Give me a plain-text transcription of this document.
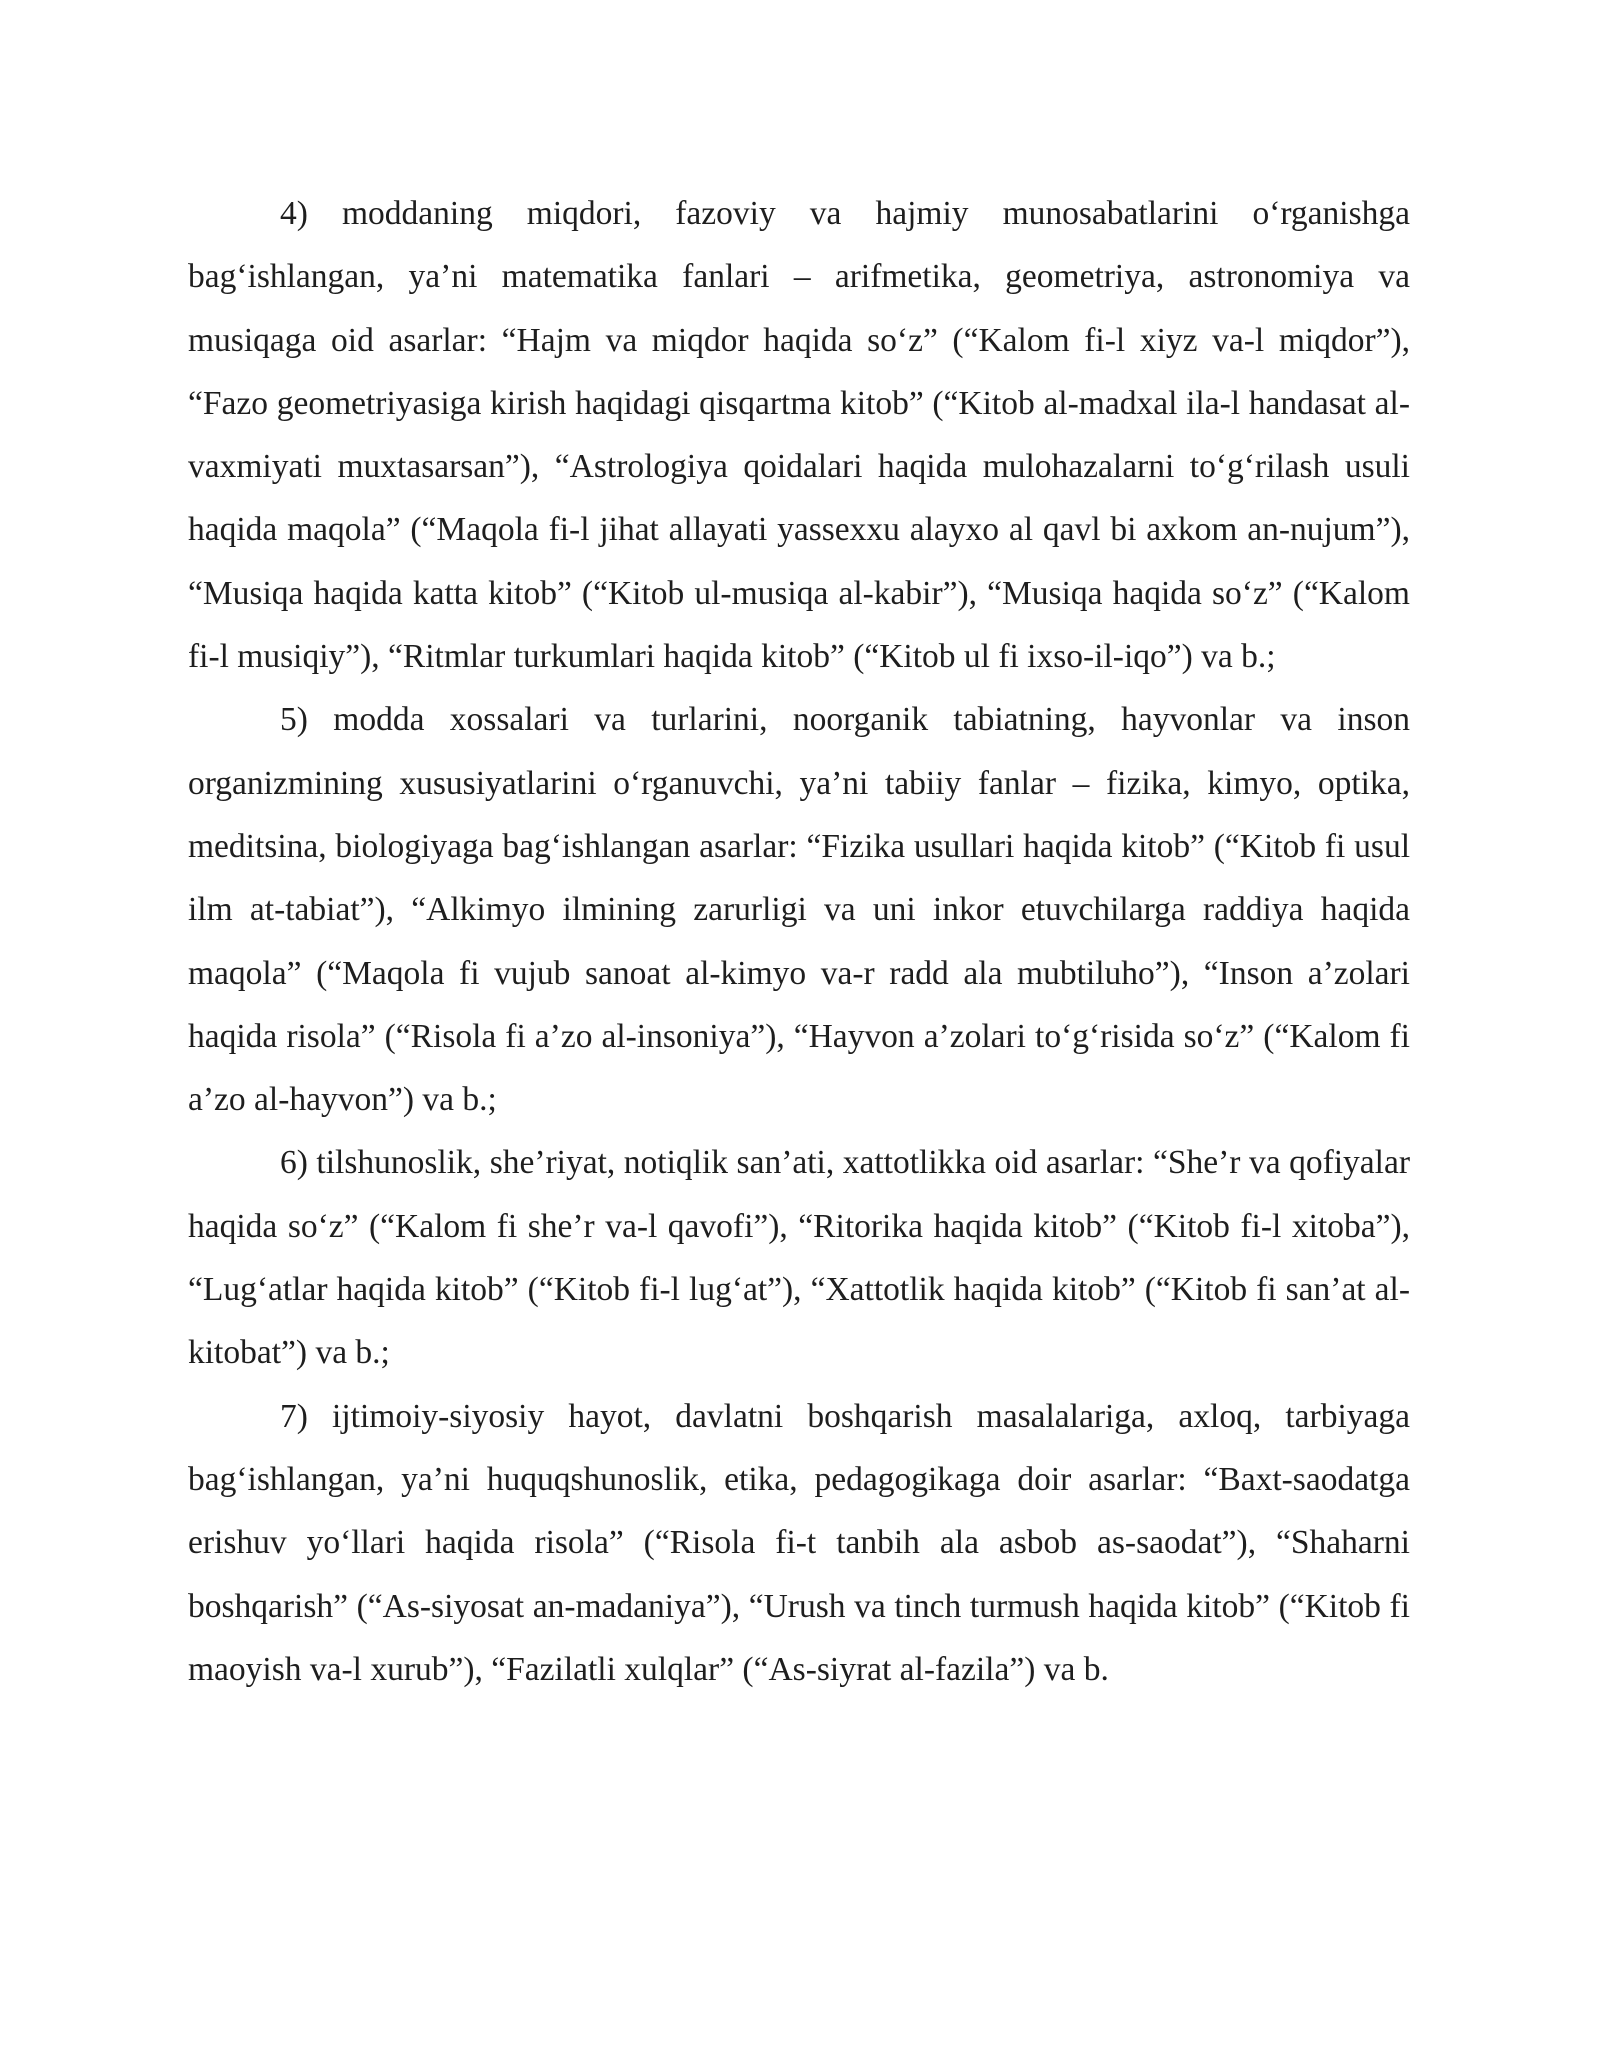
4) moddaning miqdori, fazoviy va hajmiy munosabatlarini o‘rganishga bag‘ishlangan, ya’ni matematika fanlari – arifmetika, geometriya, astronomiya va musiqaga oid asarlar: “Hajm va miqdor haqida so‘z” (“Kalom fi-l xiyz va-l miqdor”), “Fazo geometriyasiga kirish haqidagi qisqartma kitob” (“Kitob al-madxal ila-l handasat al-vaxmiyati muxtasarsan”), “Astrologiya qoidalari haqida mulohazalarni to‘g‘rilash usuli haqida maqola” (“Maqola fi-l jihat allayati yassexxu alayxo al qavl bi axkom an-nujum”), “Musiqa haqida katta kitob” (“Kitob ul-musiqa al-kabir”), “Musiqa haqida so‘z” (“Kalom fi-l musiqiy”), “Ritmlar turkumlari haqida kitob” (“Kitob ul fi ixso-il-iqo”) va b.;

5) modda xossalari va turlarini, noorganik tabiatning, hayvonlar va inson organizmining xususiyatlarini o‘rganuvchi, ya’ni tabiiy fanlar – fizika, kimyo, optika, meditsina, biologiyaga bag‘ishlangan asarlar: “Fizika usullari haqida kitob” (“Kitob fi usul ilm at-tabiat”), “Alkimyo ilmining zarurligi va uni inkor etuvchilarga raddiya haqida maqola” (“Maqola fi vujub sanoat al-kimyo va-r radd ala mubtiluho”), “Inson a’zolari haqida risola” (“Risola fi a’zo al-insoniya”), “Hayvon a’zolari to‘g‘risida so‘z” (“Kalom fi a’zo al-hayvon”) va b.;

6) tilshunoslik, she’riyat, notiqlik san’ati, xattotlikka oid asarlar: “She’r va qofiyalar haqida so‘z” (“Kalom fi she’r va-l qavofi”), “Ritorika haqida kitob” (“Kitob fi-l xitoba”), “Lug‘atlar haqida kitob” (“Kitob fi-l lug‘at”), “Xattotlik haqida kitob” (“Kitob fi san’at al-kitobat”) va b.;

7) ijtimoiy-siyosiy hayot, davlatni boshqarish masalalariga, axloq, tarbiyaga bag‘ishlangan, ya’ni huquqshunoslik, etika, pedagogikaga doir asarlar: “Baxt-saodatga erishuv yo‘llari haqida risola” (“Risola fi-t tanbih ala asbob as-saodat”), “Shaharni boshqarish” (“As-siyosat an-madaniya”), “Urush va tinch turmush haqida kitob” (“Kitob fi maoyish va-l xurub”), “Fazilatli xulqlar” (“As-siyrat al-fazila”) va b.
